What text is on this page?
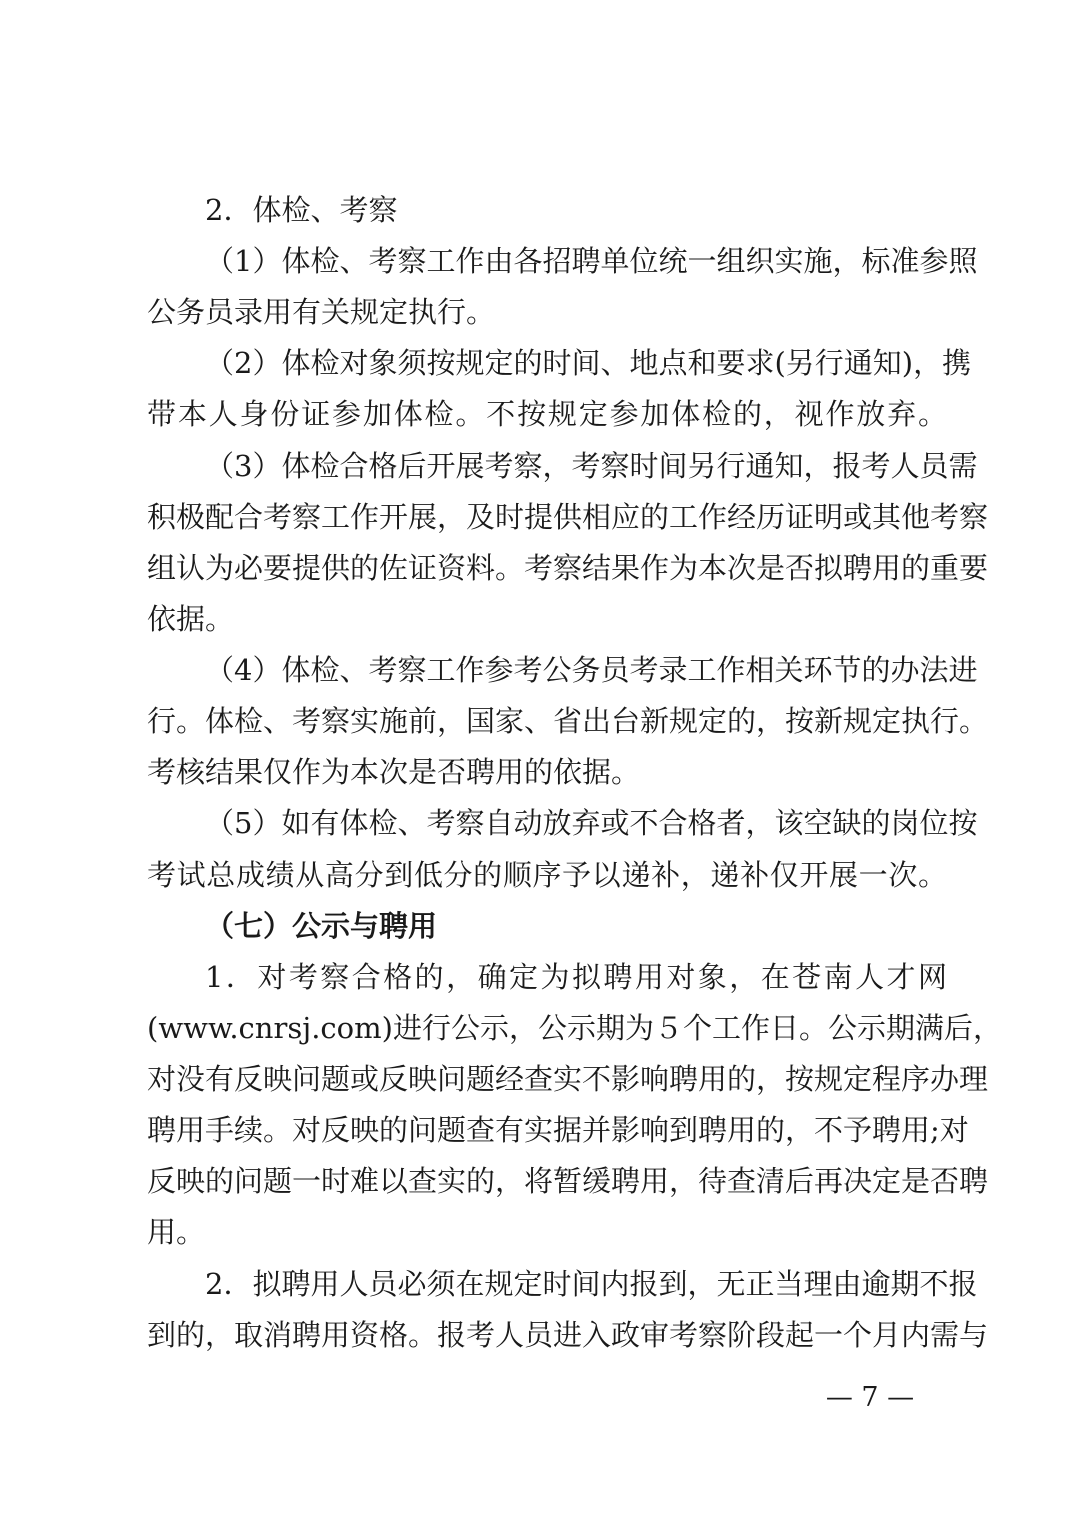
2．体检、考察
（1）体检、考察工作由各招聘单位统一组织实施，标准参照
公务员录用有关规定执行。
（2）体检对象须按规定的时间、地点和要求(另行通知)，携
带本人身份证参加体检。不按规定参加体检的，视作放弃。
（3）体检合格后开展考察，考察时间另行通知，报考人员需
积极配合考察工作开展，及时提供相应的工作经历证明或其他考察
组认为必要提供的佐证资料。考察结果作为本次是否拟聘用的重要
依据。
（4）体检、考察工作参考公务员考录工作相关环节的办法进
行。体检、考察实施前，国家、省出台新规定的，按新规定执行。
考核结果仅作为本次是否聘用的依据。
（5）如有体检、考察自动放弃或不合格者，该空缺的岗位按
考试总成绩从高分到低分的顺序予以递补，递补仅开展一次。
（七）公示与聘用
1．对考察合格的，确定为拟聘用对象，在苍南人才网
(www.cnrsj.com)进行公示，公示期为５个工作日。公示期满后，
对没有反映问题或反映问题经查实不影响聘用的，按规定程序办理
聘用手续。对反映的问题查有实据并影响到聘用的，不予聘用;对
反映的问题一时难以查实的，将暂缓聘用，待查清后再决定是否聘
用。
2．拟聘用人员必须在规定时间内报到，无正当理由逾期不报
到的，取消聘用资格。报考人员进入政审考察阶段起一个月内需与
— 7 —
